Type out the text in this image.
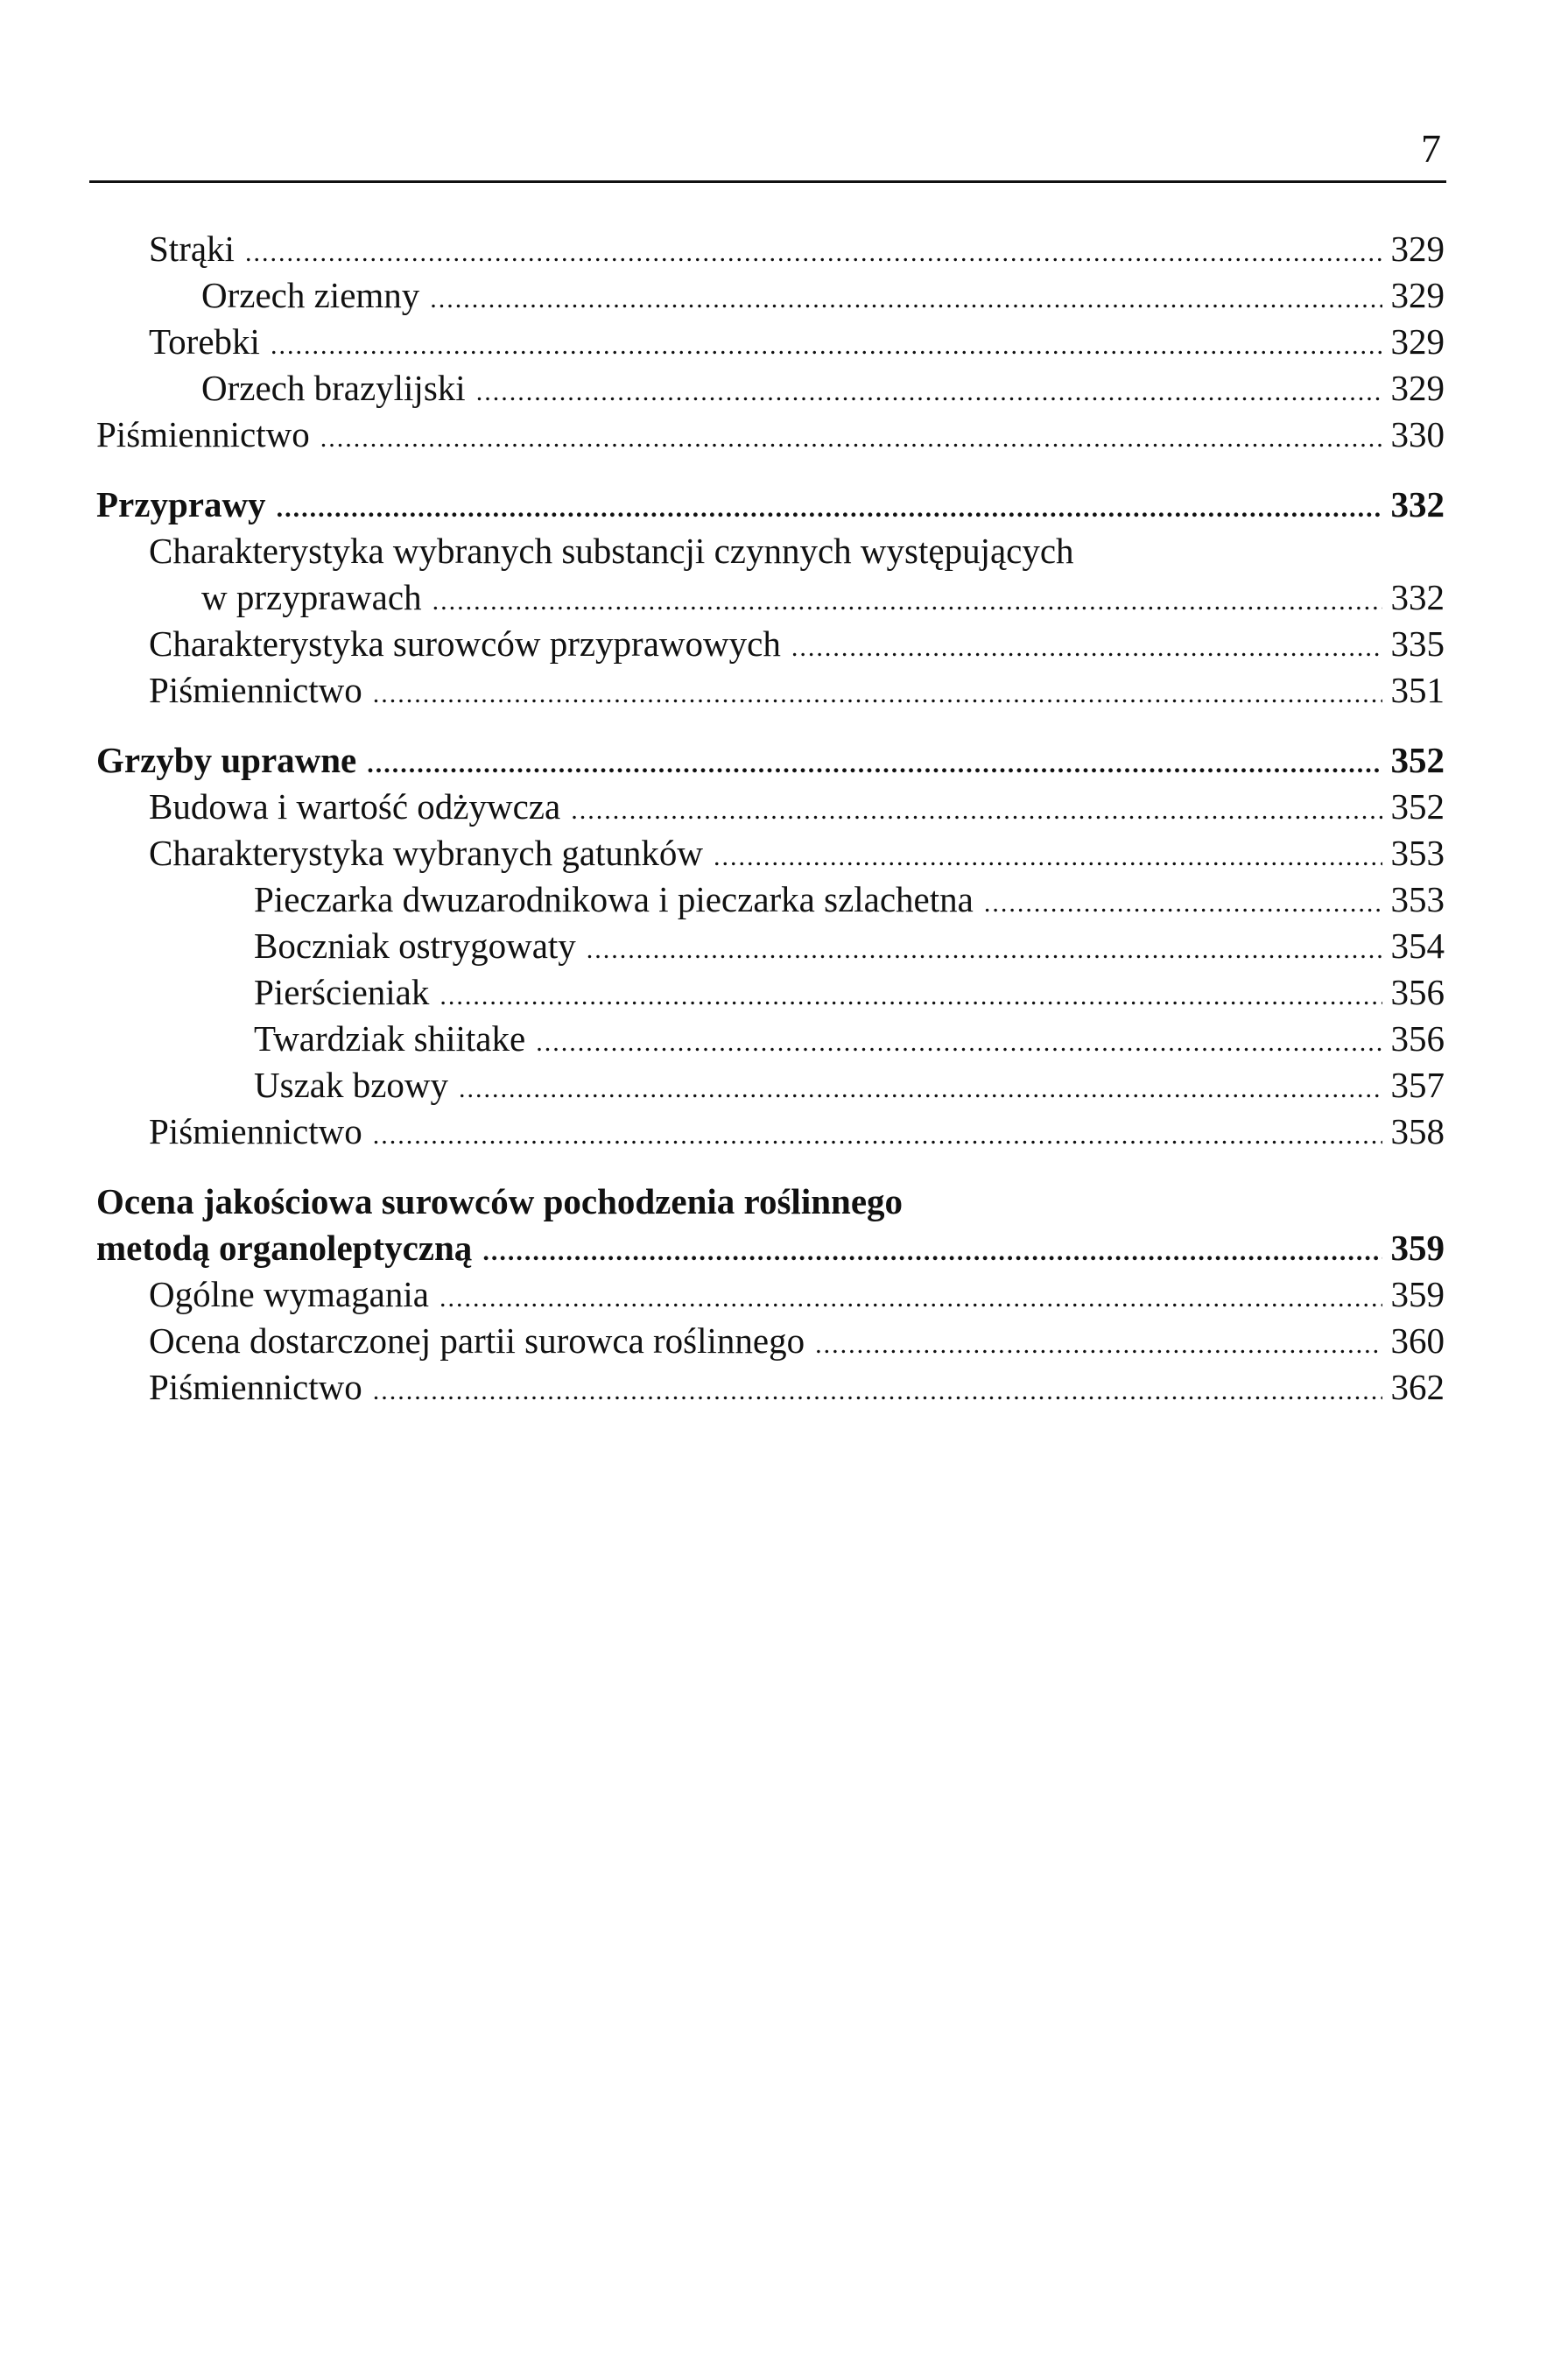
7
Strąki .....	329
Orzech ziemny .....	329
Torebki .....	329
Orzech brazylijski .....	329
Piśmiennictwo .....	330
Przyprawy .....	332
Charakterystyka wybranych substancji czynnych występujących
w przyprawach .....	332
Charakterystyka surowców przyprawowych .....	335
Piśmiennictwo .....	351
Grzyby uprawne .....	352
Budowa i wartość odżywcza .....	352
Charakterystyka wybranych gatunków .....	353
Pieczarka dwuzarodnikowa i pieczarka szlachetna .....	353
Boczniak ostrygowaty .....	354
Pierścieniak .....	356
Twardziak shiitake .....	356
Uszak bzowy .....	357
Piśmiennictwo .....	358
Ocena jakościowa surowców pochodzenia roślinnego
metodą organoleptyczną .....	359
Ogólne wymagania .....	359
Ocena dostarczonej partii surowca roślinnego .....	360
Piśmiennictwo .....	362
